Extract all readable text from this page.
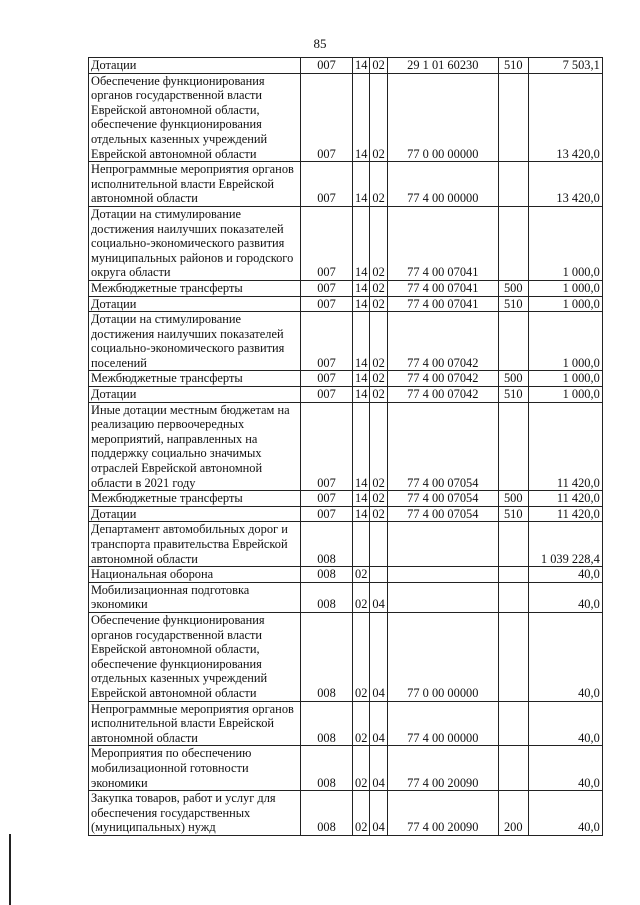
85
Дотации	007	14	02	29 1 01 60230	510	7 503,1
Обеспечение функционирования органов государственной власти Еврейской автономной области, обеспечение функционирования отдельных казенных учреждений Еврейской автономной области	007	14	02	77 0 00 00000		13 420,0
Непрограммные мероприятия органов исполнительной власти Еврейской автономной области	007	14	02	77 4 00 00000		13 420,0
Дотации на стимулирование достижения наилучших показателей социально-экономического развития муниципальных районов и городского округа области	007	14	02	77 4 00 07041		1 000,0
Межбюджетные трансферты	007	14	02	77 4 00 07041	500	1 000,0
Дотации	007	14	02	77 4 00 07041	510	1 000,0
Дотации на стимулирование достижения наилучших показателей социально-экономического развития поселений	007	14	02	77 4 00 07042		1 000,0
Межбюджетные трансферты	007	14	02	77 4 00 07042	500	1 000,0
Дотации	007	14	02	77 4 00 07042	510	1 000,0
Иные дотации местным бюджетам на реализацию первоочередных мероприятий, направленных на поддержку социально значимых отраслей Еврейской автономной области в 2021 году	007	14	02	77 4 00 07054		11 420,0
Межбюджетные трансферты	007	14	02	77 4 00 07054	500	11 420,0
Дотации	007	14	02	77 4 00 07054	510	11 420,0
Департамент автомобильных дорог и транспорта правительства Еврейской автономной области	008					1 039 228,4
Национальная оборона	008	02				40,0
Мобилизационная подготовка экономики	008	02	04			40,0
Обеспечение функционирования органов государственной власти Еврейской автономной области, обеспечение функционирования отдельных казенных учреждений Еврейской автономной области	008	02	04	77 0 00 00000		40,0
Непрограммные мероприятия органов исполнительной власти Еврейской автономной области	008	02	04	77 4 00 00000		40,0
Мероприятия по обеспечению мобилизационной готовности экономики	008	02	04	77 4 00 20090		40,0
Закупка товаров, работ и услуг для обеспечения государственных (муниципальных) нужд	008	02	04	77 4 00 20090	200	40,0
